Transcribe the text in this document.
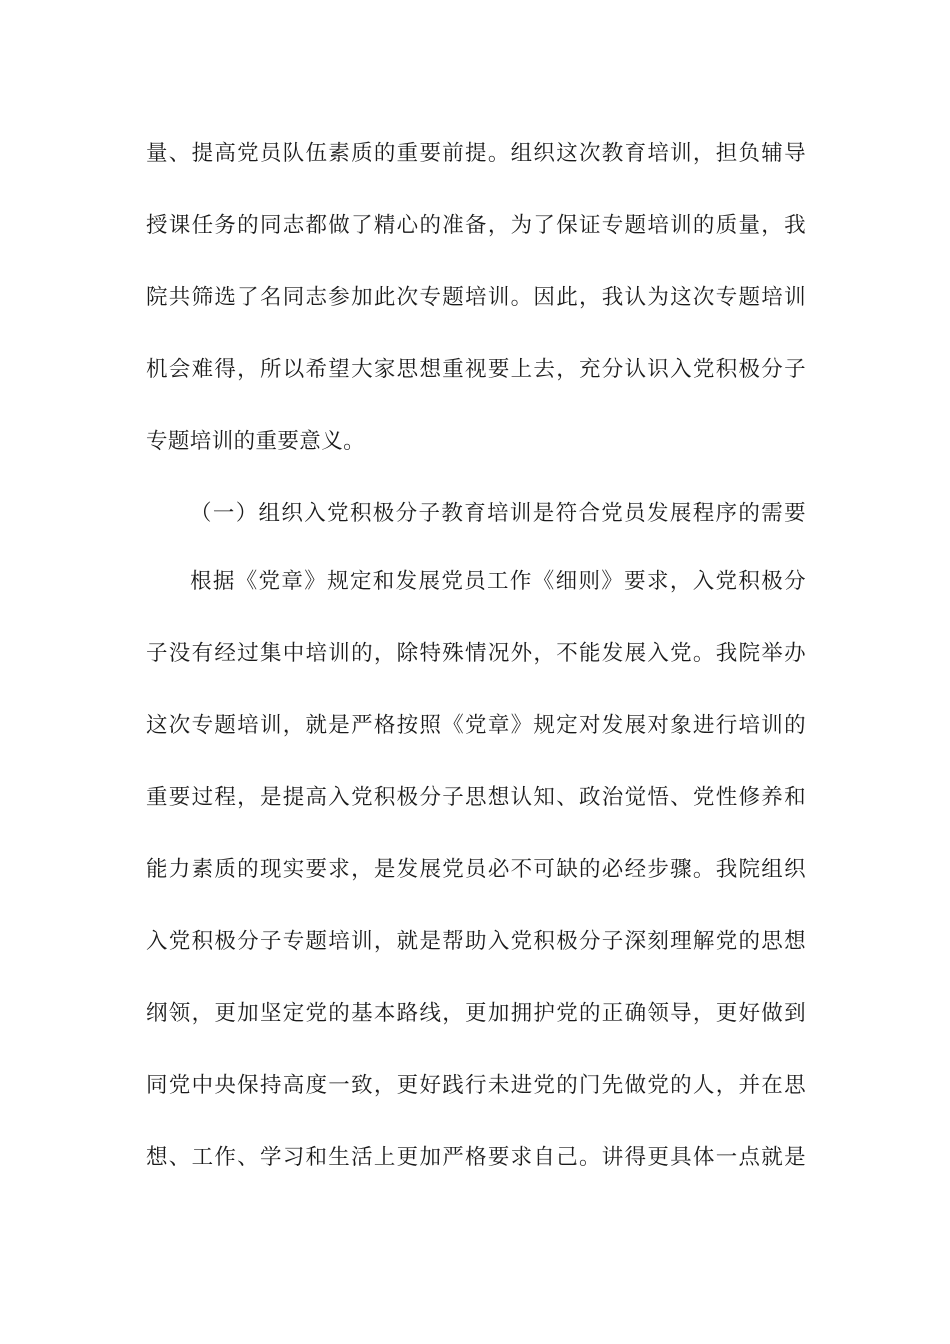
量、提高党员队伍素质的重要前提。组织这次教育培训，担负辅导
授课任务的同志都做了精心的准备，为了保证专题培训的质量，我
院共筛选了名同志参加此次专题培训。因此，我认为这次专题培训
机会难得，所以希望大家思想重视要上去，充分认识入党积极分子
专题培训的重要意义。
（一）组织入党积极分子教育培训是符合党员发展程序的需要
根据《党章》规定和发展党员工作《细则》要求，入党积极分
子没有经过集中培训的，除特殊情况外，不能发展入党。我院举办
这次专题培训，就是严格按照《党章》规定对发展对象进行培训的
重要过程，是提高入党积极分子思想认知、政治觉悟、党性修养和
能力素质的现实要求，是发展党员必不可缺的必经步骤。我院组织
入党积极分子专题培训，就是帮助入党积极分子深刻理解党的思想
纲领，更加坚定党的基本路线，更加拥护党的正确领导，更好做到
同党中央保持高度一致，更好践行未进党的门先做党的人，并在思
想、工作、学习和生活上更加严格要求自己。讲得更具体一点就是
